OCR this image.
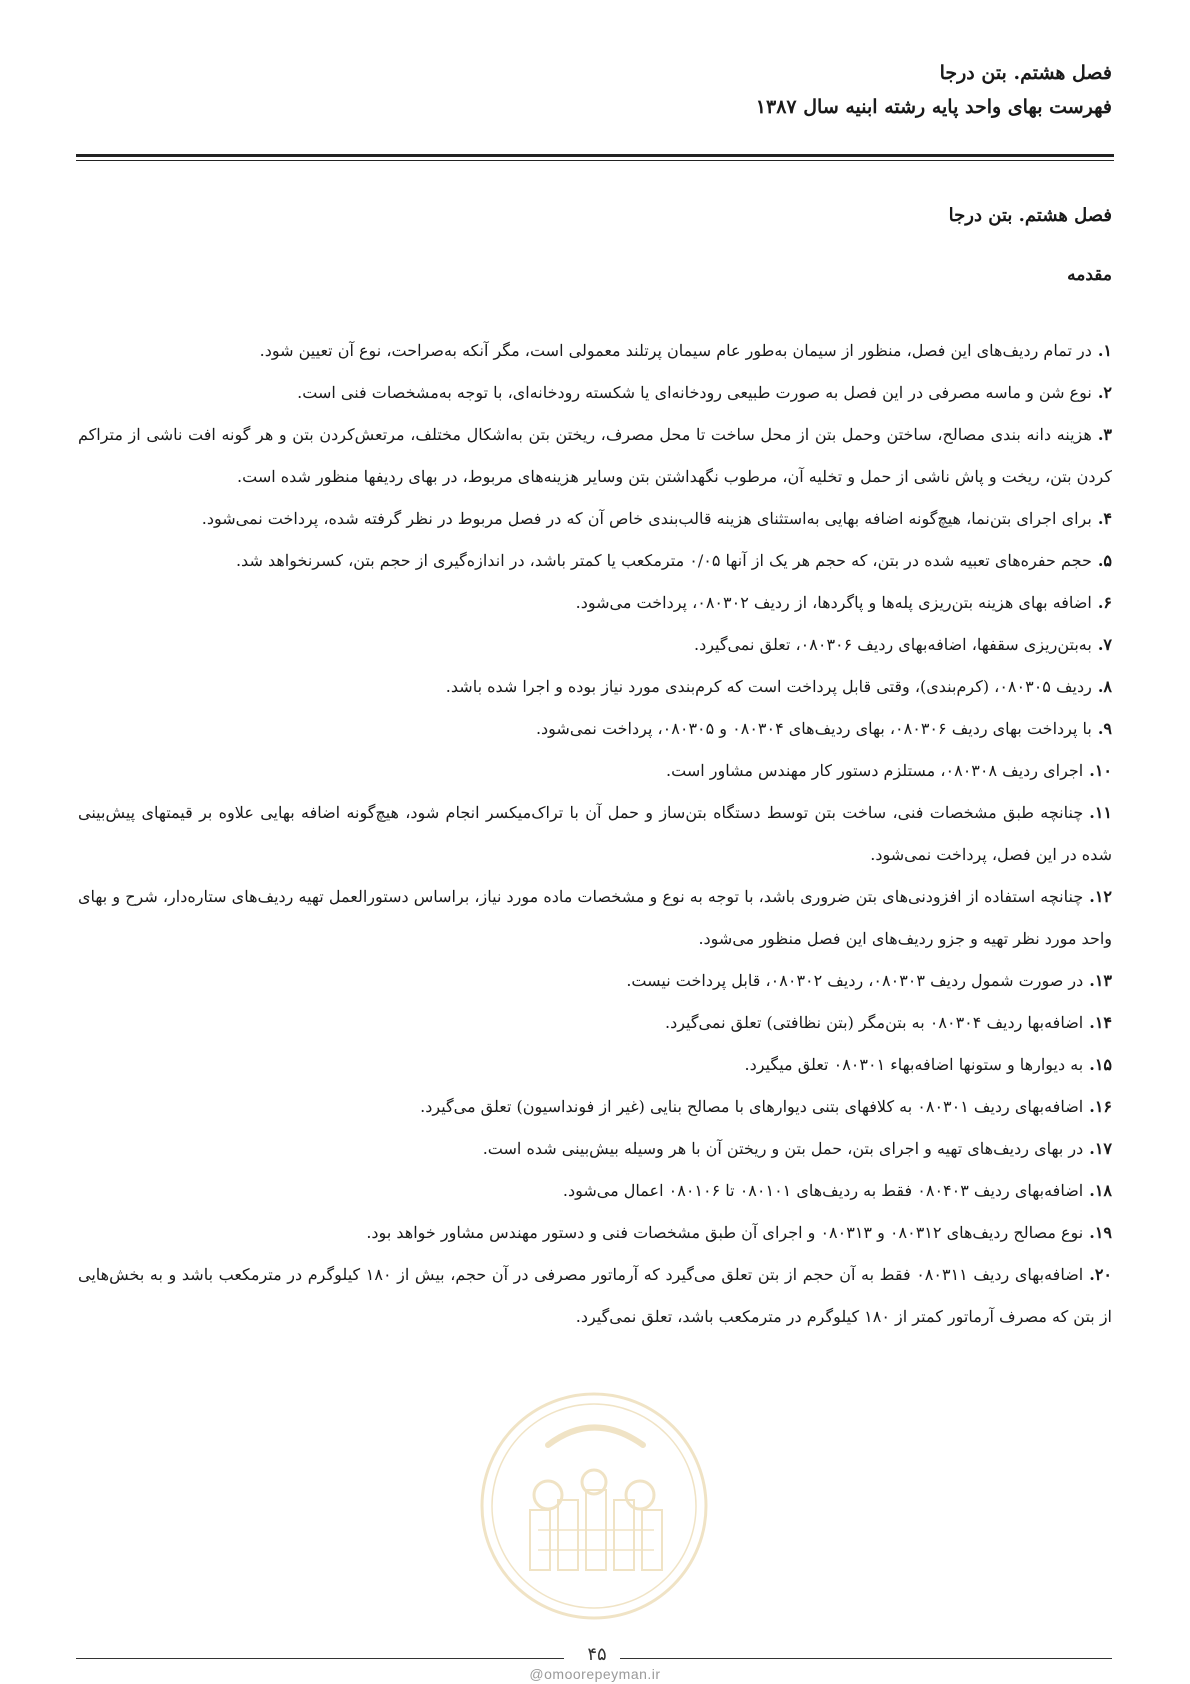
فصل هشتم. بتن درجا

فهرست بهای واحد پایه رشته ابنیه سال ۱۳۸۷

فصل هشتم. بتن درجا
مقدمه
۱.در تمام ردیف‌های این فصل، منظور از سیمان به‌طور عام سیمان پرتلند معمولی است، مگر آنکه به‌صراحت، نوع آن تعیین شود.
۲.نوع شن و ماسه مصرفی در این فصل به صورت طبیعی رودخانه‌ای یا شکسته رودخانه‌ای، با توجه به‌مشخصات فنی است.
۳.هزینه دانه بندی مصالح، ساختن وحمل بتن از محل ساخت تا محل مصرف، ریختن بتن به‌اشکال مختلف، مرتعش‌کردن بتن و هر گونه افت ناشی از متراکم کردن بتن، ریخت و پاش ناشی از حمل و تخلیه آن، مرطوب نگهداشتن بتن وسایر هزینه‌های مربوط، در بهای ردیفها منظور شده است.
۴.برای اجرای بتن‌نما، هیچ‌گونه اضافه بهایی به‌استثنای هزینه قالب‌بندی خاص آن که در فصل مربوط در نظر گرفته شده، پرداخت نمی‌شود.
۵.حجم حفره‌های تعبیه شده در بتن، که حجم هر یک از آنها ۰/۰۵ مترمکعب یا کمتر باشد، در اندازه‌گیری از حجم بتن، کسرنخواهد شد.
۶.اضافه بهای هزینه بتن‌ریزی پله‌ها و پاگردها، از ردیف ۰۸۰۳۰۲، پرداخت می‌شود.
۷.به‌بتن‌ریزی سقفها، اضافه‌بهای ردیف ۰۸۰۳۰۶، تعلق نمی‌گیرد.
۸.ردیف ۰۸۰۳۰۵، (کرم‌بندی)، وقتی قابل پرداخت است که کرم‌بندی مورد نیاز بوده و اجرا شده باشد.
۹.با پرداخت بهای ردیف ۰۸۰۳۰۶، بهای ردیف‌های ۰۸۰۳۰۴ و ۰۸۰۳۰۵، پرداخت نمی‌شود.
۱۰.اجرای ردیف ۰۸۰۳۰۸، مستلزم دستور کار مهندس مشاور است.
۱۱.چنانچه طبق مشخصات فنی، ساخت بتن توسط دستگاه بتن‌ساز و حمل آن با تراک‌میکسر انجام شود، هیچ‌گونه اضافه بهایی علاوه بر قیمتهای پیش‌بینی شده در این فصل، پرداخت نمی‌شود.
۱۲.چنانچه استفاده از افزودنی‌های بتن ضروری باشد، با توجه به نوع و مشخصات ماده مورد نیاز، براساس دستورالعمل تهیه ردیف‌های ستاره‌دار، شرح و بهای واحد مورد نظر تهیه و جزو ردیف‌های این فصل منظور می‌شود.
۱۳.در صورت شمول ردیف ۰۸۰۳۰۳، ردیف ۰۸۰۳۰۲، قابل پرداخت نیست.
۱۴.اضافه‌بها ردیف ۰۸۰۳۰۴ به بتن‌مگر (بتن نظافتی) تعلق نمی‌گیرد.
۱۵.به دیوارها و ستونها اضافه‌بهاء ۰۸۰۳۰۱ تعلق میگیرد.
۱۶.اضافه‌بهای ردیف ۰۸۰۳۰۱ به کلافهای بتنی دیوارهای با مصالح بنایی (غیر از فونداسیون) تعلق می‌گیرد.
۱۷.در بهای ردیف‌های تهیه و اجرای بتن، حمل بتن و ریختن آن با هر وسیله بیش‌بینی شده است.
۱۸.اضافه‌بهای ردیف ۰۸۰۴۰۳ فقط به ردیف‌های ۰۸۰۱۰۱ تا ۰۸۰۱۰۶ اعمال می‌شود.
۱۹.نوع مصالح ردیف‌های ۰۸۰۳۱۲ و ۰۸۰۳۱۳ و اجرای آن طبق مشخصات فنی و دستور مهندس مشاور خواهد بود.
۲۰.اضافه‌بهای ردیف ۰۸۰۳۱۱ فقط به آن حجم از بتن تعلق می‌گیرد که آرماتور مصرفی در آن حجم، بیش از ۱۸۰ کیلوگرم در مترمکعب باشد و به بخش‌هایی از بتن که مصرف آرماتور کمتر از ۱۸۰ کیلوگرم در مترمکعب باشد، تعلق نمی‌گیرد.
۴۵
@omoorepeyman.ir
